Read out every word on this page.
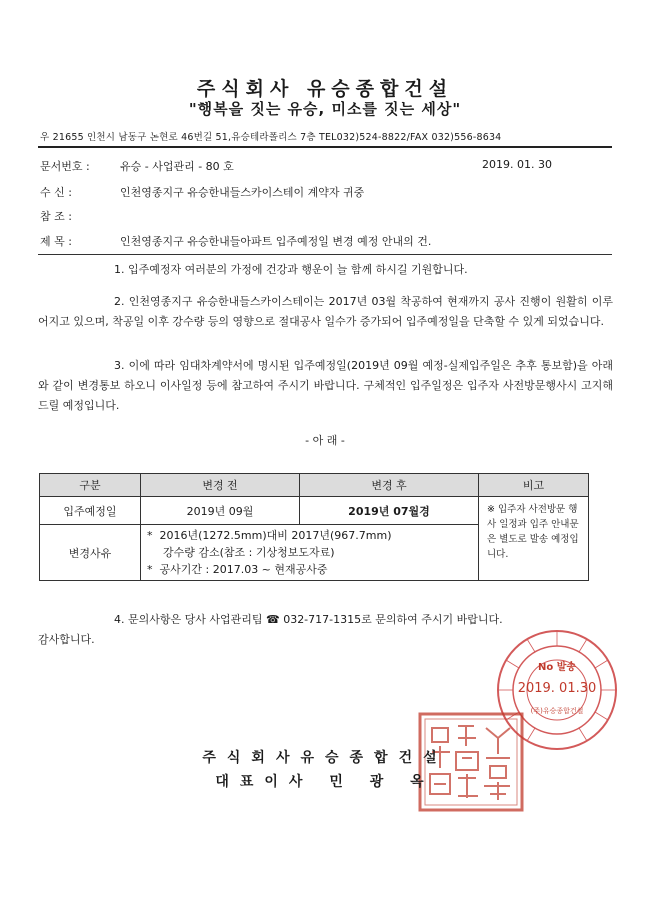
주식회사 유승종합건설
"행복을 짓는 유승, 미소를 짓는 세상"
우 21655 인천시 남동구 논현로 46번길 51,유승테라폴리스 7층 TEL032)524-8822/FAX 032)556-8634
문서번호 :	유승 - 사업관리 - 80 호	2019. 01. 30
수 신 :	인천영종지구 유승한내들스카이스테이 계약자 귀중
참 조 :
제 목 :	인천영종지구 유승한내들아파트 입주예정일 변경 예정 안내의 건.
1. 입주예정자 여러분의 가정에 건강과 행운이 늘 함께 하시길 기원합니다.
2. 인천영종지구 유승한내들스카이스테이는 2017년 03월 착공하여 현재까지 공사 진행이 원활히 이루어지고 있으며, 착공일 이후 강수량 등의 영향으로 절대공사 일수가 증가되어 입주예정일을 단축할 수 있게 되었습니다.
3. 이에 따라 임대차계약서에 명시된 입주예정일(2019년 09월 예정-실제입주일은 추후 통보함)을 아래와 같이 변경통보 하오니 이사일정 등에 참고하여 주시기 바랍니다. 구체적인 입주일정은 입주자 사전방문행사시 고지해 드릴 예정입니다.
- 아 래 -
구분	변경 전	변경 후	비고
입주예정일	2019년 09월	2019년 07월경	※ 입주자 사전방문 행사 일정과 입주 안내문은 별도로 발송 예정입니다.
변경사유	*  2016년(1272.5mm)대비 2017년(967.7mm)
강수량 감소(참조 : 기상청보도자료)
*  공사기간 : 2017.03 ~ 현재공사중		
4. 문의사항은 당사 사업관리팀 ☎ 032-717-1315로 문의하여 주시기 바랍니다.
감사합니다.
No 발송
2019. 01.30
(주)유승종합건설
주식회사유승종합건설
대표이사 민 광 옥
